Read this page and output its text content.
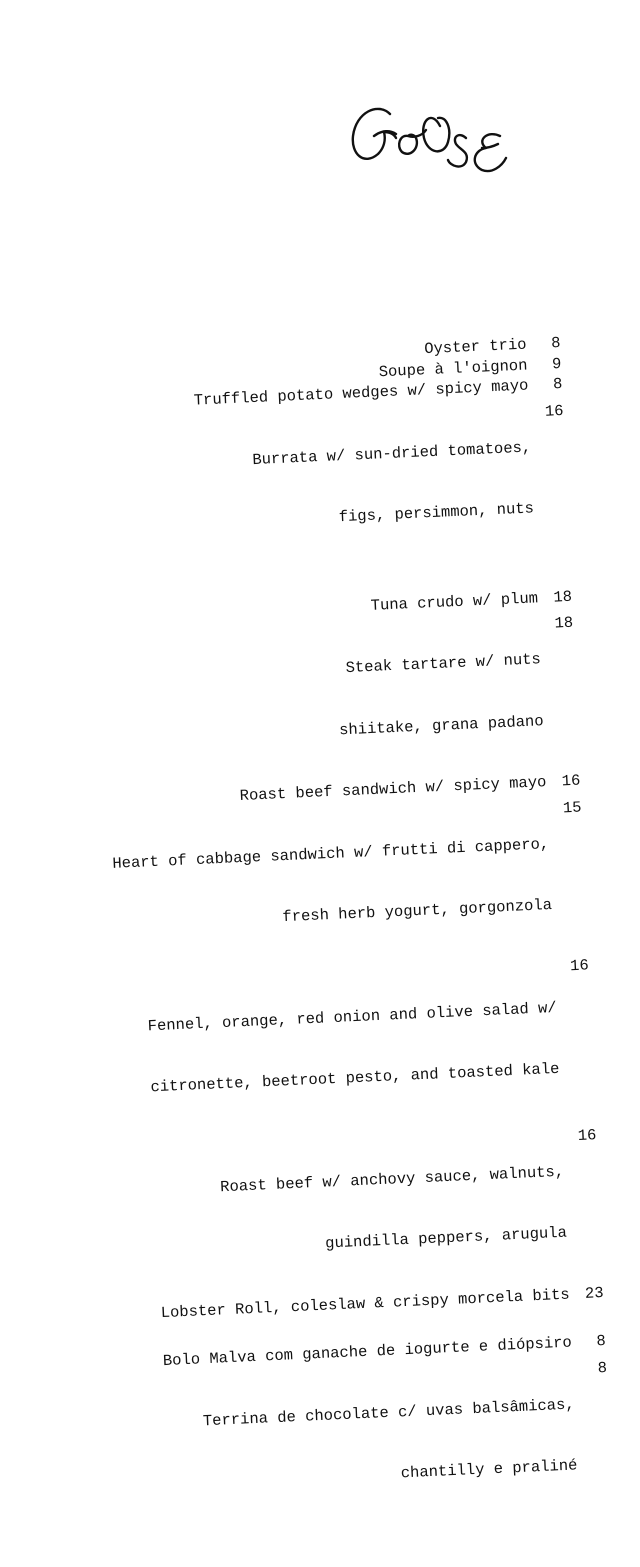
Oyster trio	8
Soupe à l'oignon	9
Truffled potato wedges w/ spicy mayo	8

Burrata w/ sun-dried tomatoes,

figs, persimmon, nuts

16
Tuna crudo w/ plum 18

Steak tartare w/ nuts

shiitake, grana padano

18
Roast beef sandwich w/ spicy mayo 16

Heart of cabbage sandwich w/ frutti di cappero,

fresh herb yogurt, gorgonzola

15

Fennel, orange, red onion and olive salad w/

citronette, beetroot pesto, and toasted kale

16

Roast beef w/ anchovy sauce, walnuts,

guindilla peppers, arugula

16
Lobster Roll, coleslaw & crispy morcela bits 23
Bolo Malva com ganache de iogurte e diópsiro	8

Terrina de chocolate c/ uvas balsâmicas,

chantilly e praliné

8
